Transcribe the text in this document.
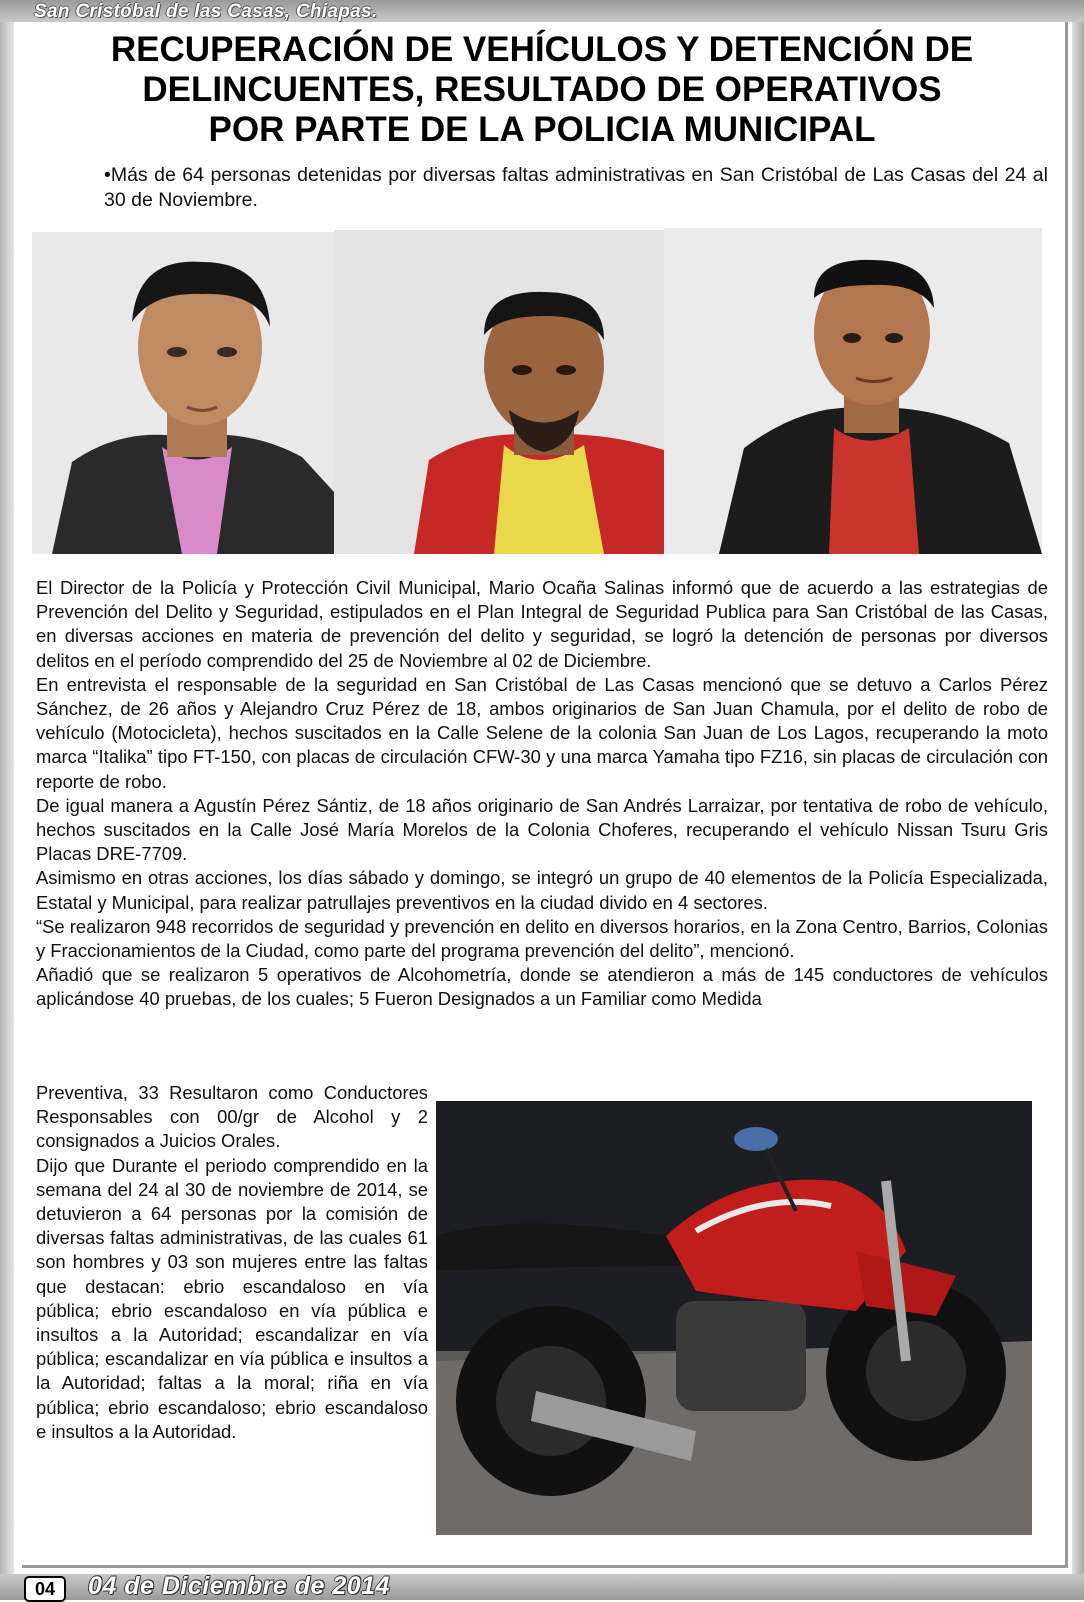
San Cristóbal de las Casas, Chiapas.
RECUPERACIÓN DE VEHÍCULOS Y DETENCIÓN DE
DELINCUENTES, RESULTADO DE OPERATIVOS
POR PARTE DE LA POLICIA MUNICIPAL
•Más de 64 personas detenidas por diversas faltas administrativas en San Cristóbal de Las Casas del 24 al 30 de Noviembre.

El Director de la Policía y Protección Civil Municipal, Mario Ocaña Salinas informó que de acuerdo a las estrategias de Prevención del Delito y Seguridad, estipulados en el Plan Integral de Seguridad Publica para San Cristóbal de las Casas, en diversas acciones en materia de prevención del delito y seguridad, se logró la detención de personas por diversos delitos en el período comprendido del 25 de Noviembre al 02 de Diciembre.

En entrevista el responsable de la seguridad en San Cristóbal de Las Casas mencionó que se detuvo a Carlos Pérez Sánchez, de 26 años y Alejandro Cruz Pérez de 18, ambos originarios de San Juan Chamula, por el delito de robo de vehículo (Motocicleta), hechos suscitados en la Calle Selene de la colonia San Juan de Los Lagos, recuperando la moto marca “Italika” tipo FT-150, con placas de circulación CFW-30 y una marca Yamaha tipo FZ16, sin placas de circulación con reporte de robo.

De igual manera a Agustín Pérez Sántiz, de 18 años originario de San Andrés Larraizar, por tentativa de robo de vehículo, hechos suscitados en la Calle José María Morelos de la Colonia Choferes, recuperando el vehículo Nissan Tsuru Gris Placas DRE-7709.

Asimismo en otras acciones, los días sábado y domingo, se integró un grupo de 40 elementos de la Policía Especializada, Estatal y Municipal, para realizar patrullajes preventivos en la ciudad divido en 4 sectores.

“Se realizaron 948 recorridos de seguridad y prevención en delito en diversos horarios, en la Zona Centro, Barrios, Colonias y Fraccionamientos de la Ciudad, como parte del programa prevención del delito”, mencionó.

Añadió que se realizaron 5 operativos de Alcohometría, donde se atendieron a más de 145 conductores de vehículos aplicándose 40 pruebas, de los cuales; 5 Fueron Designados a un Familiar como Medida

Preventiva, 33 Resultaron como Conductores Responsables con 00/gr de Alcohol y 2 consignados a Juicios Orales.

Dijo que Durante el periodo comprendido en la semana del 24 al 30 de noviembre de 2014, se detuvieron a 64 personas por la comisión de diversas faltas administrativas, de las cuales 61 son hombres y 03 son mujeres entre las faltas que destacan: ebrio escandaloso en vía pública; ebrio escandaloso en vía pública e insultos a la Autoridad; escandalizar en vía pública; escandalizar en vía pública e insultos a la Autoridad; faltas a la moral; riña en vía pública; ebrio escandaloso; ebrio escandaloso e insultos a la Autoridad.

04	04 de Diciembre de 2014
